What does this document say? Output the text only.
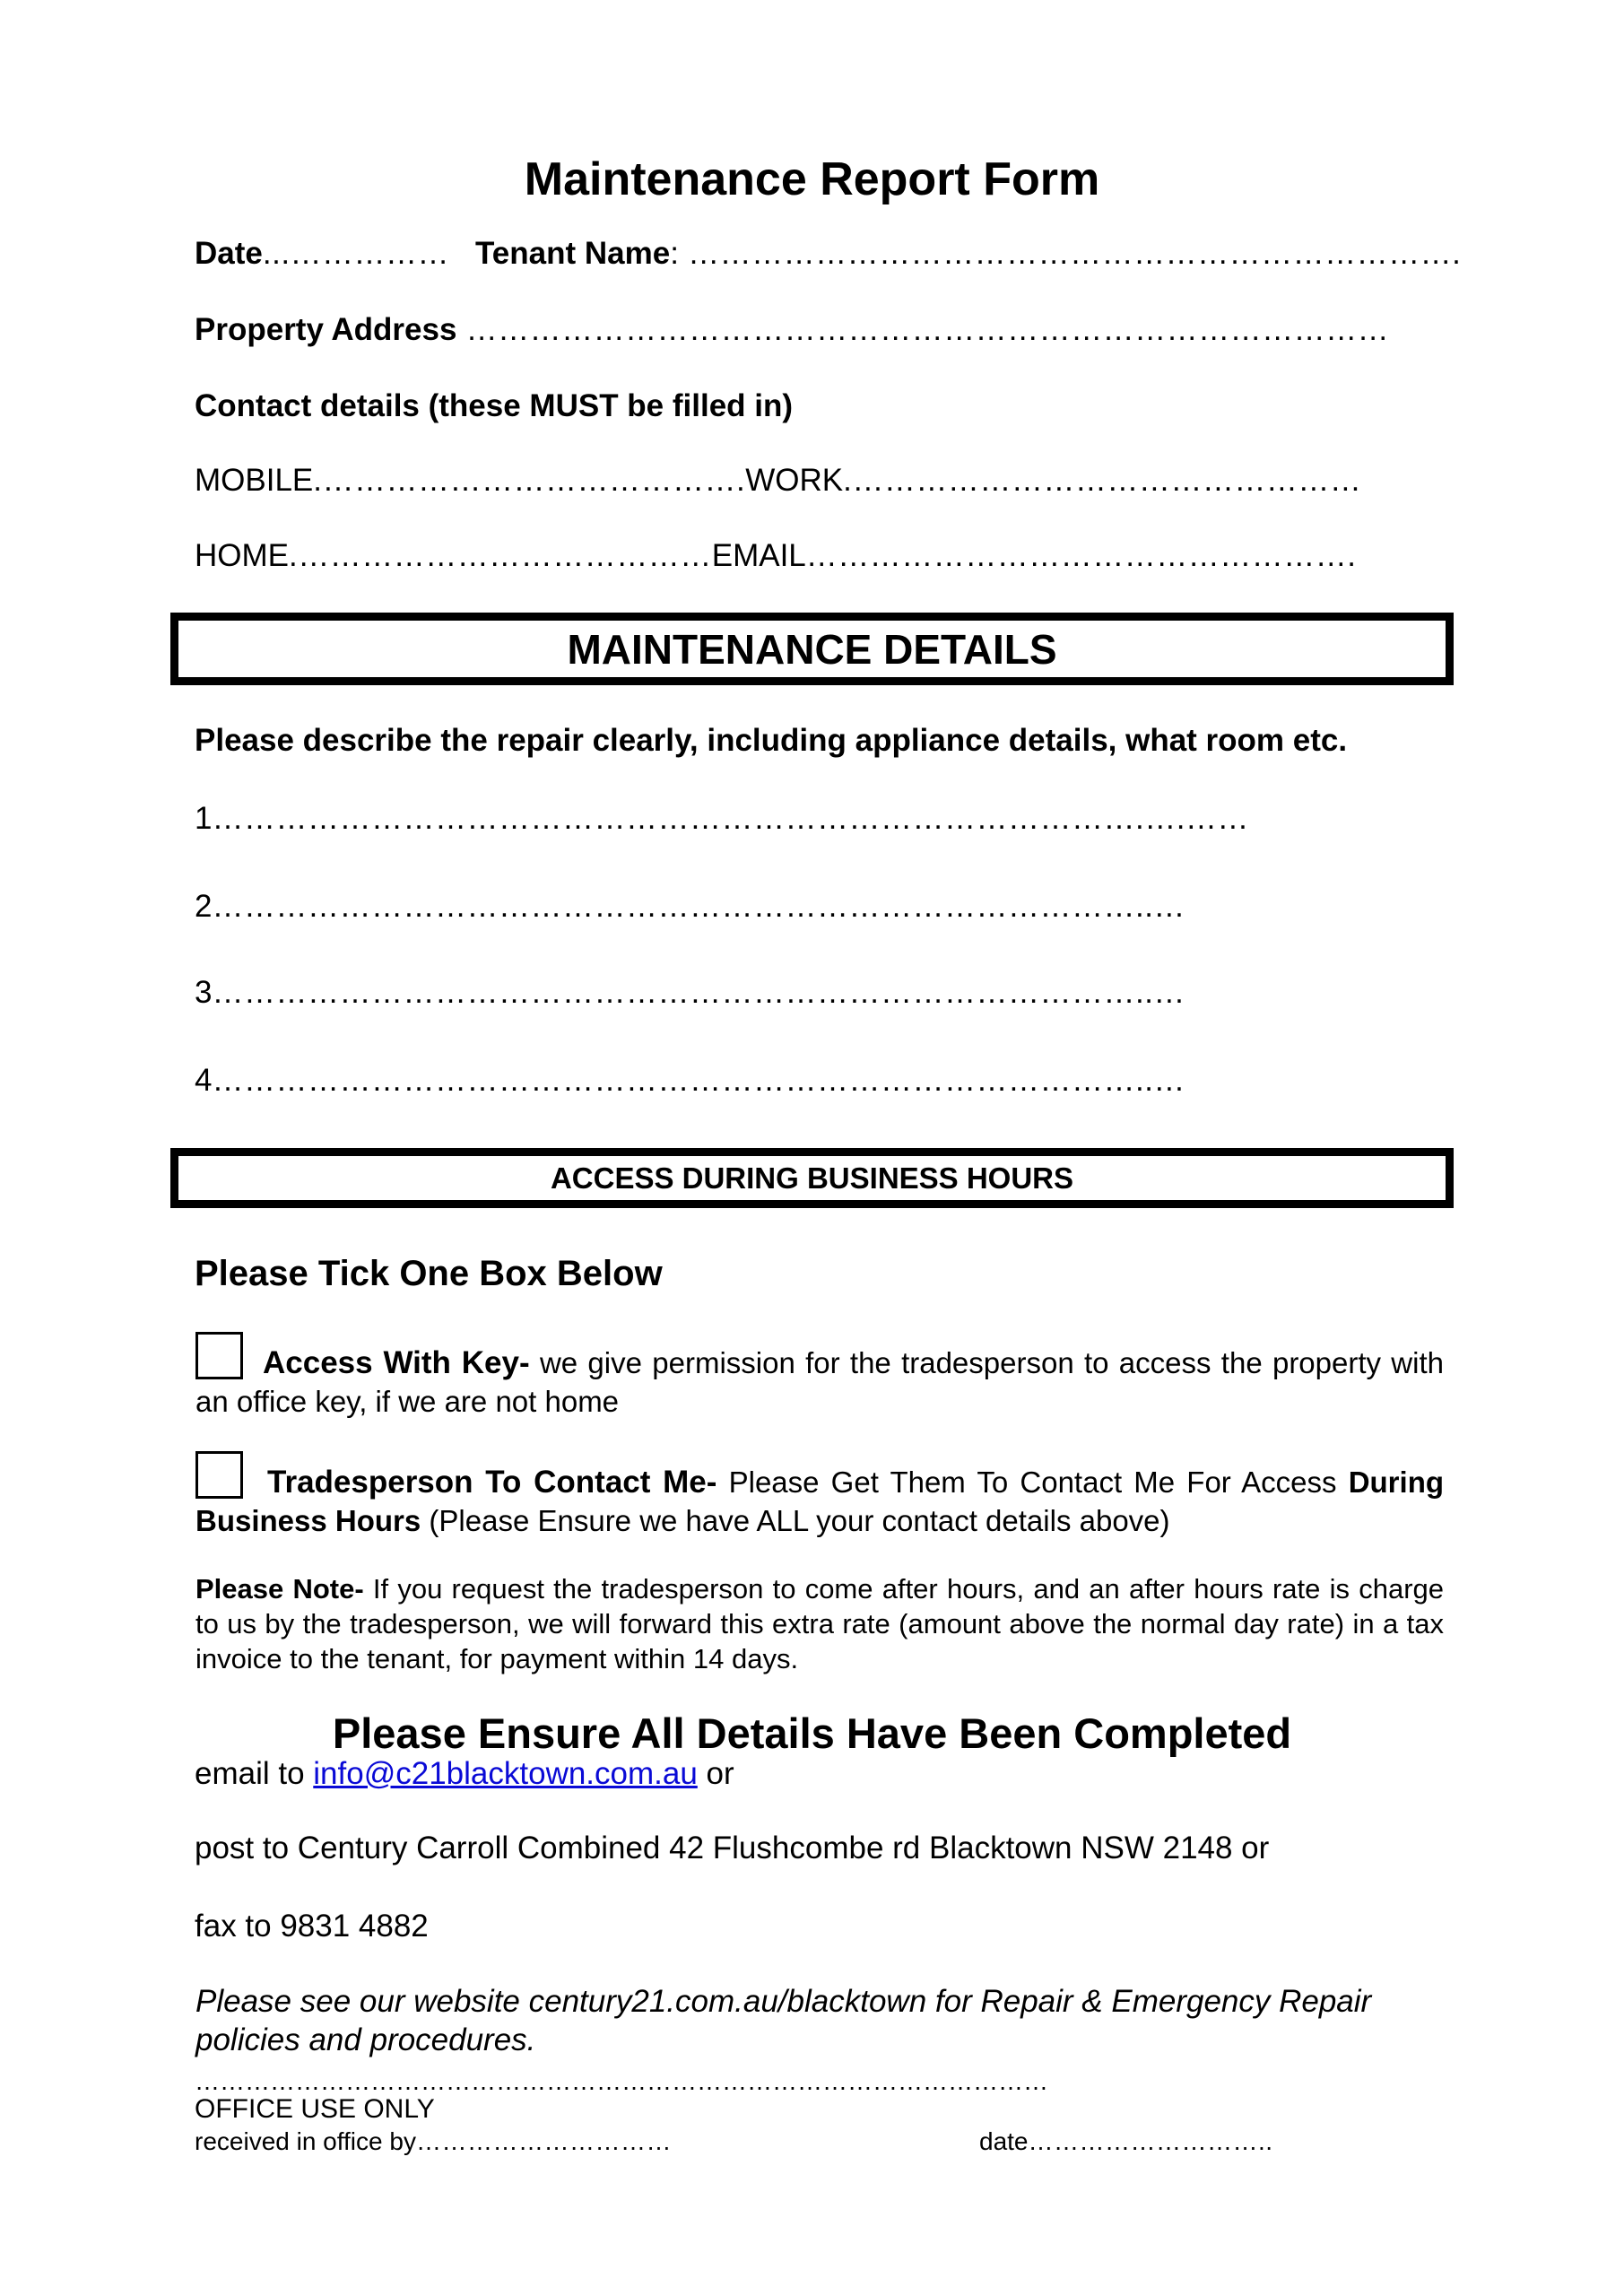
Maintenance Report Form
Date...…………… Tenant Name: ……………………………………………………………….
Property Address ……………………………………………………………………………
Contact details (these MUST be filled in)
MOBILE.………………………………….WORK.…………………………………………
HOME.…………………………………EMAIL…………………………………………….
MAINTENANCE DETAILS
Please describe the repair clearly, including appliance details, what room etc.
1…………………………………………………………………………….….……
2……………………………………………………………………………..…
3……………………………………………………………………………..…
4……………………………………………………………………………..…
ACCESS DURING BUSINESS HOURS
Please Tick One Box Below
Access With Key- we give permission for the tradesperson to access the property with an office key, if we are not home
Tradesperson To Contact Me- Please Get Them To Contact Me For Access During Business Hours (Please Ensure we have ALL your contact details above)
Please Note- If you request the tradesperson to come after hours, and an after hours rate is charge to us by the tradesperson, we will forward this extra rate (amount above the normal day rate) in a tax invoice to the tenant, for payment within 14 days.
Please Ensure All Details Have Been Completed
email to info@c21blacktown.com.au or
post to Century Carroll Combined 42 Flushcombe rd Blacktown NSW 2148 or
fax to 9831 4882
Please see our website century21.com.au/blacktown for Repair & Emergency Repair policies and procedures.
…………………………………………………………………………………………
OFFICE USE ONLY
received in office by…………………………	date………………………..
